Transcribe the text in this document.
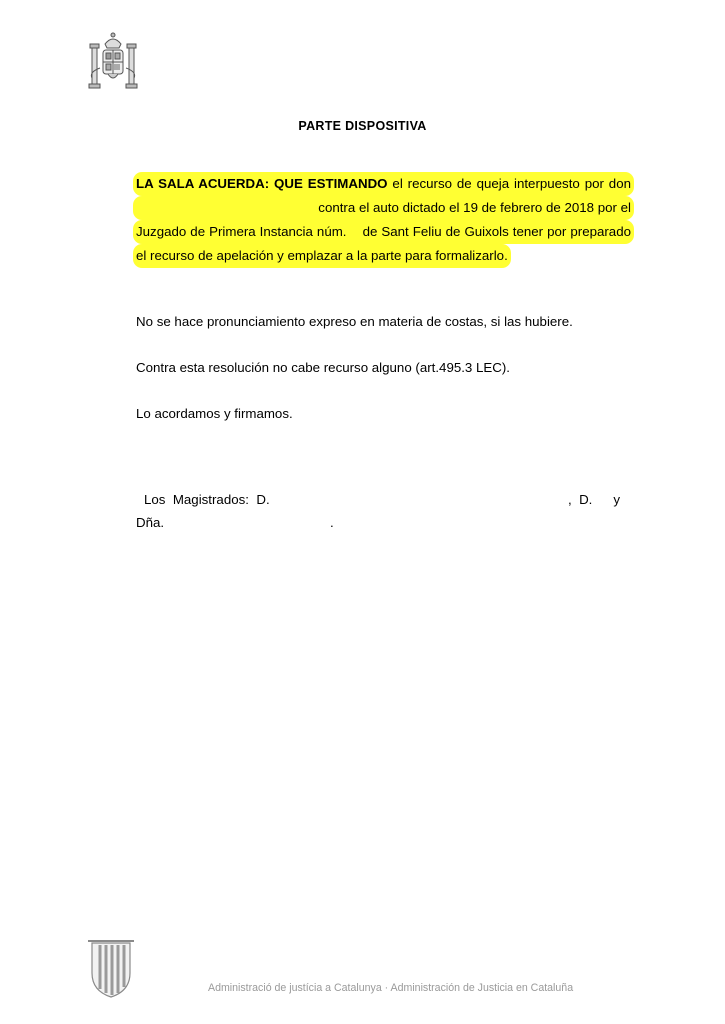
PARTE DISPOSITIVA
LA SALA ACUERDA: QUE ESTIMANDO el recurso de queja interpuesto por don
contra el auto dictado el 19 de febrero de 2018 por el
Juzgado de Primera Instancia núm.    de Sant Feliu de Guixols tener por preparado
el recurso de apelación y emplazar a la parte para formalizarlo.
No se hace pronunciamiento expreso en materia de costas, si las hubiere.
Contra esta resolución no cabe recurso alguno (art.495.3 LEC).
Lo acordamos y firmamos.
Los  Magistrados:  D.	,  D. y
Dña.	.
Administració de justícia a Catalunya · Administración de Justicia en Cataluña
